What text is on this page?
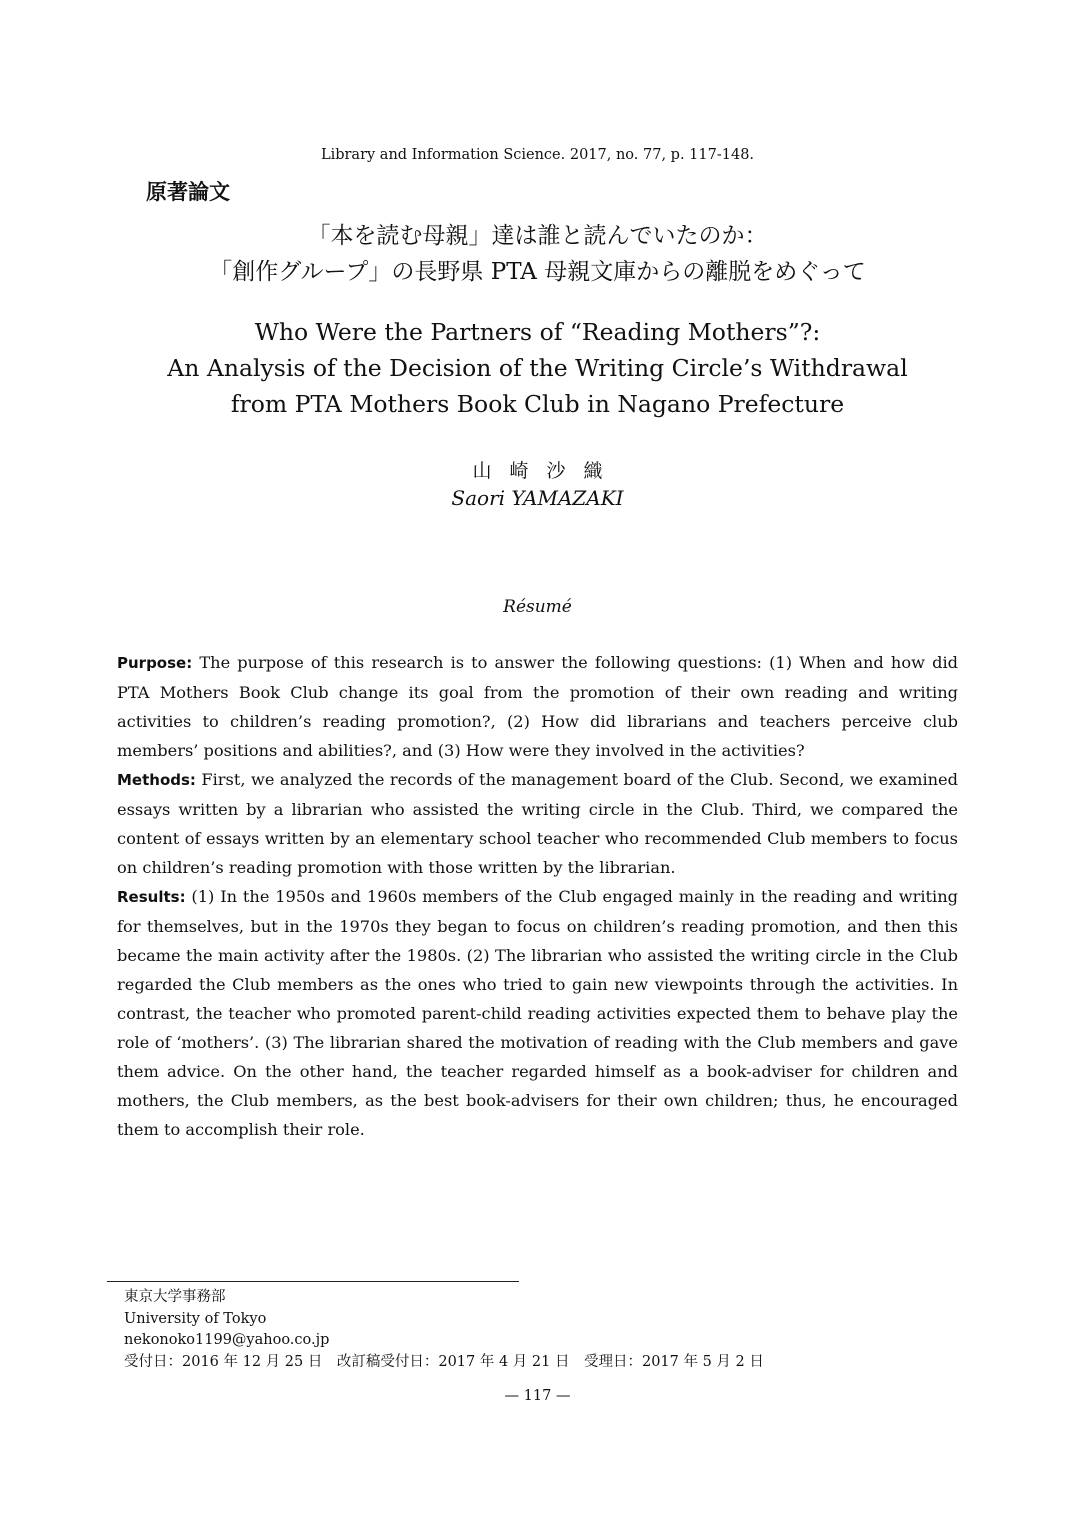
Library and Information Science. 2017, no. 77, p. 117-148.
原著論文
「本を読む母親」達は誰と読んでいたのか：
「創作グループ」の長野県 PTA 母親文庫からの離脱をめぐって
Who Were the Partners of “Reading Mothers”?:
An Analysis of the Decision of the Writing Circle’s Withdrawal
from PTA Mothers Book Club in Nagano Prefecture
山崎沙織
Saori YAMAZAKI
Résumé

Purpose: The purpose of this research is to answer the following questions: (1) When and how did PTA Mothers Book Club change its goal from the promotion of their own reading and writing activities to children’s reading promotion?, (2) How did librarians and teachers perceive club members’ positions and abilities?, and (3) How were they involved in the activities?

Methods: First, we analyzed the records of the management board of the Club. Second, we examined essays written by a librarian who assisted the writing circle in the Club. Third, we compared the content of essays written by an elementary school teacher who recommended Club members to focus on children’s reading promotion with those written by the librarian.

Results: (1) In the 1950s and 1960s members of the Club engaged mainly in the reading and writing for themselves, but in the 1970s they began to focus on children’s reading promotion, and then this became the main activity after the 1980s. (2) The librarian who assisted the writing circle in the Club regarded the Club members as the ones who tried to gain new viewpoints through the activities. In contrast, the teacher who promoted parent-child reading activities expected them to behave play the role of ‘mothers’. (3) The librarian shared the motivation of reading with the Club members and gave them advice. On the other hand, the teacher regarded himself as a book-adviser for children and mothers, the Club members, as the best book-advisers for their own children; thus, he encouraged them to accomplish their role.

東京大学事務部
University of Tokyo
nekonoko1199@yahoo.co.jp
受付日：2016 年 12 月 25 日　改訂稿受付日：2017 年 4 月 21 日　受理日：2017 年 5 月 2 日
— 117 —
